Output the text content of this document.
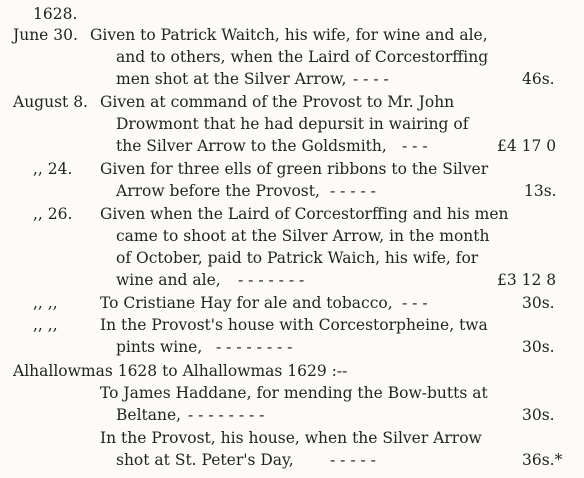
1628.
June 30. Given to Patrick Waitch, his wife, for wine and ale,
and to others, when the Laird of Corcestorffing
men shot at the Silver Arrow, - - - -	46s.
August 8. Given at command of the Provost to Mr. John
Drowmont that he had depursit in wairing of
the Silver Arrow to the Goldsmith, - - -	£4 17 0
,, 24. Given for three ells of green ribbons to the Silver
Arrow before the Provost, - - - - -	13s.
,, 26. Given when the Laird of Corcestorffing and his men
came to shoot at the Silver Arrow, in the month
of October, paid to Patrick Waich, his wife, for
wine and ale, - - - - - - -	£3 12 8
,, ,,	To Cristiane Hay for ale and tobacco, - - -	30s.
,, ,,	In the Provost's house with Corcestorpheine, twa
pints wine, - - - - - - - -	30s.
Alhallowmas 1628 to Alhallowmas 1629 :--
To James Haddane, for mending the Bow-butts at
Beltane, - - - - - - - -	30s.
In the Provost, his house, when the Silver Arrow
shot at St. Peter's Day, - - - - -	36s.*
